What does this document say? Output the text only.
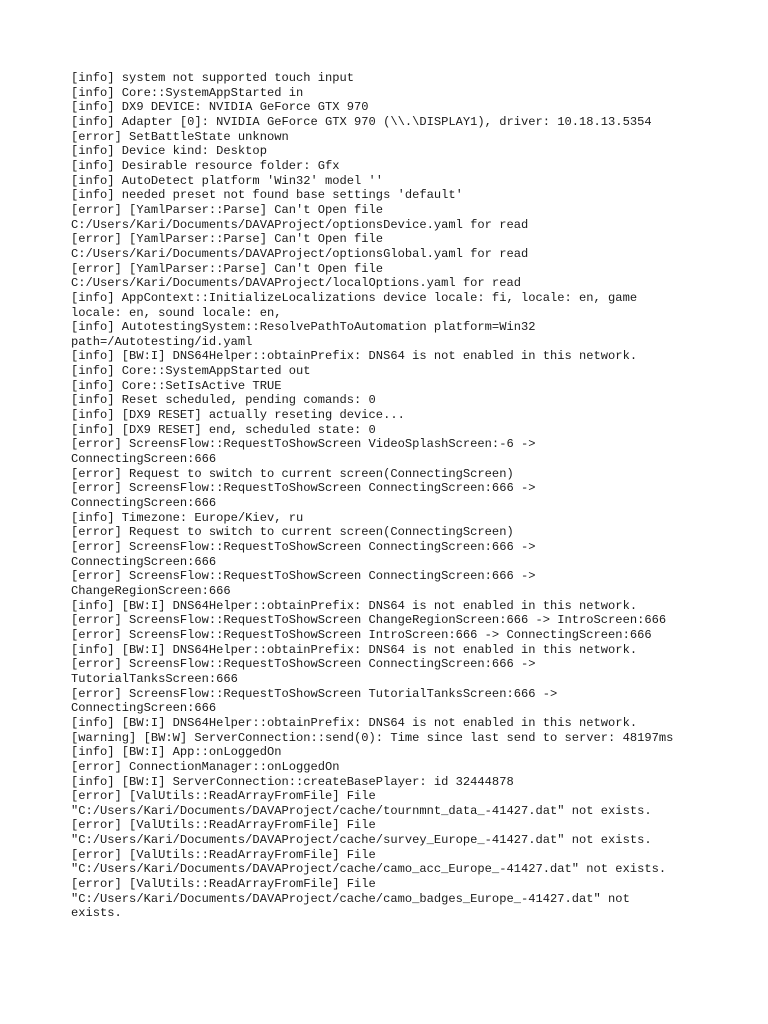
[info] system not supported touch input
[info] Core::SystemAppStarted in
[info] DX9 DEVICE: NVIDIA GeForce GTX 970
[info] Adapter [0]: NVIDIA GeForce GTX 970 (\\.\DISPLAY1), driver: 10.18.13.5354
[error] SetBattleState unknown
[info] Device kind: Desktop
[info] Desirable resource folder: Gfx
[info] AutoDetect platform 'Win32' model ''
[info] needed preset not found base settings 'default'
[error] [YamlParser::Parse] Can't Open file
C:/Users/Kari/Documents/DAVAProject/optionsDevice.yaml for read
[error] [YamlParser::Parse] Can't Open file
C:/Users/Kari/Documents/DAVAProject/optionsGlobal.yaml for read
[error] [YamlParser::Parse] Can't Open file
C:/Users/Kari/Documents/DAVAProject/localOptions.yaml for read
[info] AppContext::InitializeLocalizations device locale: fi, locale: en, game
locale: en, sound locale: en,
[info] AutotestingSystem::ResolvePathToAutomation platform=Win32
path=/Autotesting/id.yaml
[info] [BW:I] DNS64Helper::obtainPrefix: DNS64 is not enabled in this network.
[info] Core::SystemAppStarted out
[info] Core::SetIsActive TRUE
[info] Reset scheduled, pending comands: 0
[info] [DX9 RESET] actually reseting device...
[info] [DX9 RESET] end, scheduled state: 0
[error] ScreensFlow::RequestToShowScreen VideoSplashScreen:-6 ->
ConnectingScreen:666
[error] Request to switch to current screen(ConnectingScreen)
[error] ScreensFlow::RequestToShowScreen ConnectingScreen:666 ->
ConnectingScreen:666
[info] Timezone: Europe/Kiev, ru
[error] Request to switch to current screen(ConnectingScreen)
[error] ScreensFlow::RequestToShowScreen ConnectingScreen:666 ->
ConnectingScreen:666
[error] ScreensFlow::RequestToShowScreen ConnectingScreen:666 ->
ChangeRegionScreen:666
[info] [BW:I] DNS64Helper::obtainPrefix: DNS64 is not enabled in this network.
[error] ScreensFlow::RequestToShowScreen ChangeRegionScreen:666 -> IntroScreen:666
[error] ScreensFlow::RequestToShowScreen IntroScreen:666 -> ConnectingScreen:666
[info] [BW:I] DNS64Helper::obtainPrefix: DNS64 is not enabled in this network.
[error] ScreensFlow::RequestToShowScreen ConnectingScreen:666 ->
TutorialTanksScreen:666
[error] ScreensFlow::RequestToShowScreen TutorialTanksScreen:666 ->
ConnectingScreen:666
[info] [BW:I] DNS64Helper::obtainPrefix: DNS64 is not enabled in this network.
[warning] [BW:W] ServerConnection::send(0): Time since last send to server: 48197ms
[info] [BW:I] App::onLoggedOn
[error] ConnectionManager::onLoggedOn
[info] [BW:I] ServerConnection::createBasePlayer: id 32444878
[error] [ValUtils::ReadArrayFromFile] File
"C:/Users/Kari/Documents/DAVAProject/cache/tournmnt_data_-41427.dat" not exists.
[error] [ValUtils::ReadArrayFromFile] File
"C:/Users/Kari/Documents/DAVAProject/cache/survey_Europe_-41427.dat" not exists.
[error] [ValUtils::ReadArrayFromFile] File
"C:/Users/Kari/Documents/DAVAProject/cache/camo_acc_Europe_-41427.dat" not exists.
[error] [ValUtils::ReadArrayFromFile] File
"C:/Users/Kari/Documents/DAVAProject/cache/camo_badges_Europe_-41427.dat" not
exists.
